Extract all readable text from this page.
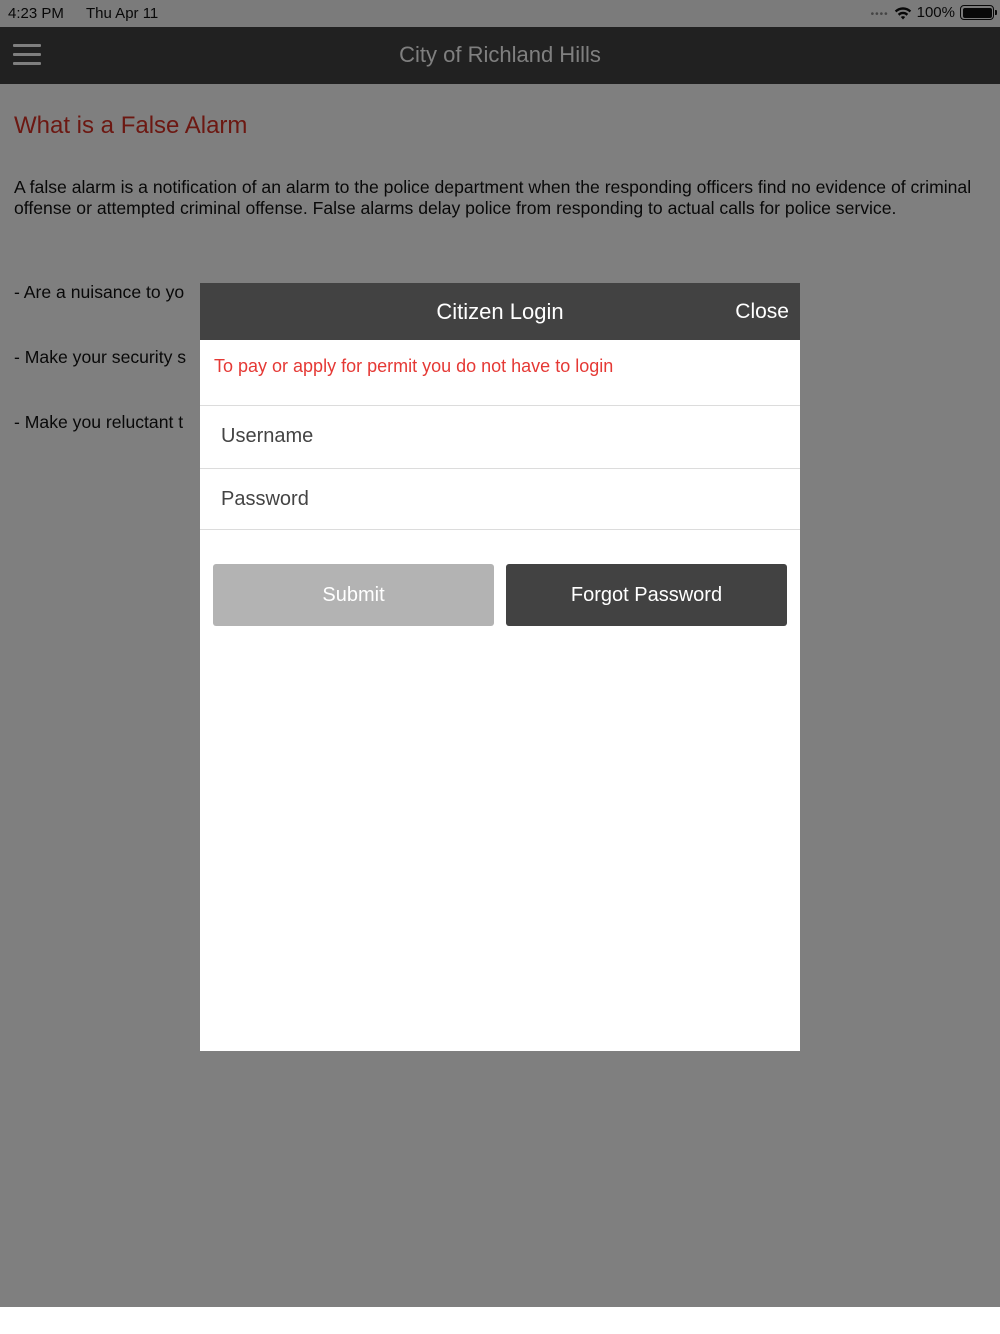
Citizen Login	Close
To pay or apply for permit you do not have to login
Username
Submit	Forgot Password
